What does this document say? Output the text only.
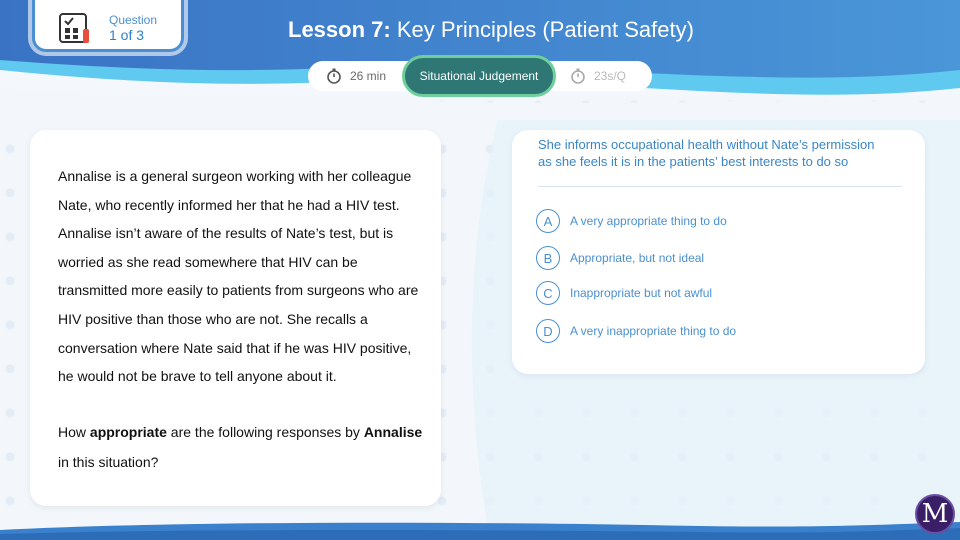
Question
1 of 3	Lesson 7: Key Principles (Patient Safety)
26 min	23s/Q
Situational Judgement

Annalise is a general surgeon working with her colleague Nate, who recently informed her that he had a HIV test. Annalise isn’t aware of the results of Nate’s test, but is worried as she read somewhere that HIV can be transmitted more easily to patients from surgeons who are HIV positive than those who are not. She recalls a conversation where Nate said that if he was HIV positive, he would not be brave to tell anyone about it.

How appropriate are the following responses by Annalise in this situation?

She informs occupational health without Nate’s permission as she feels it is in the patients’ best interests to do so

A	A very appropriate thing to do
B	Appropriate, but not ideal
C	Inappropriate but not awful
D	A very inappropriate thing to do
M
